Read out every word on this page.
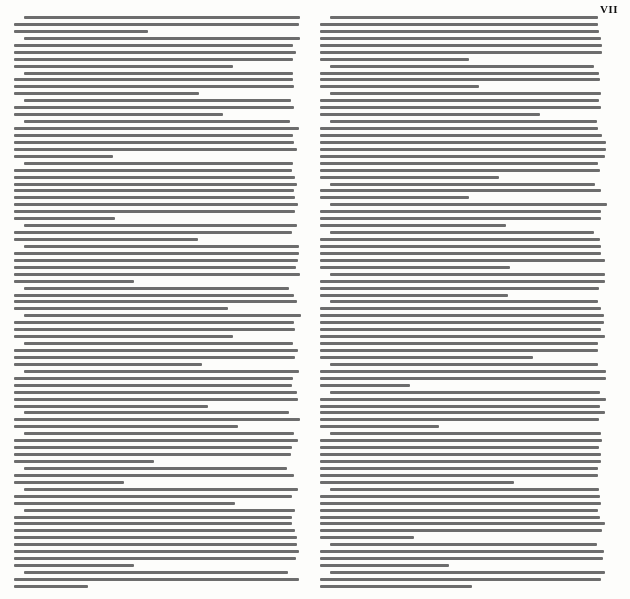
VII
